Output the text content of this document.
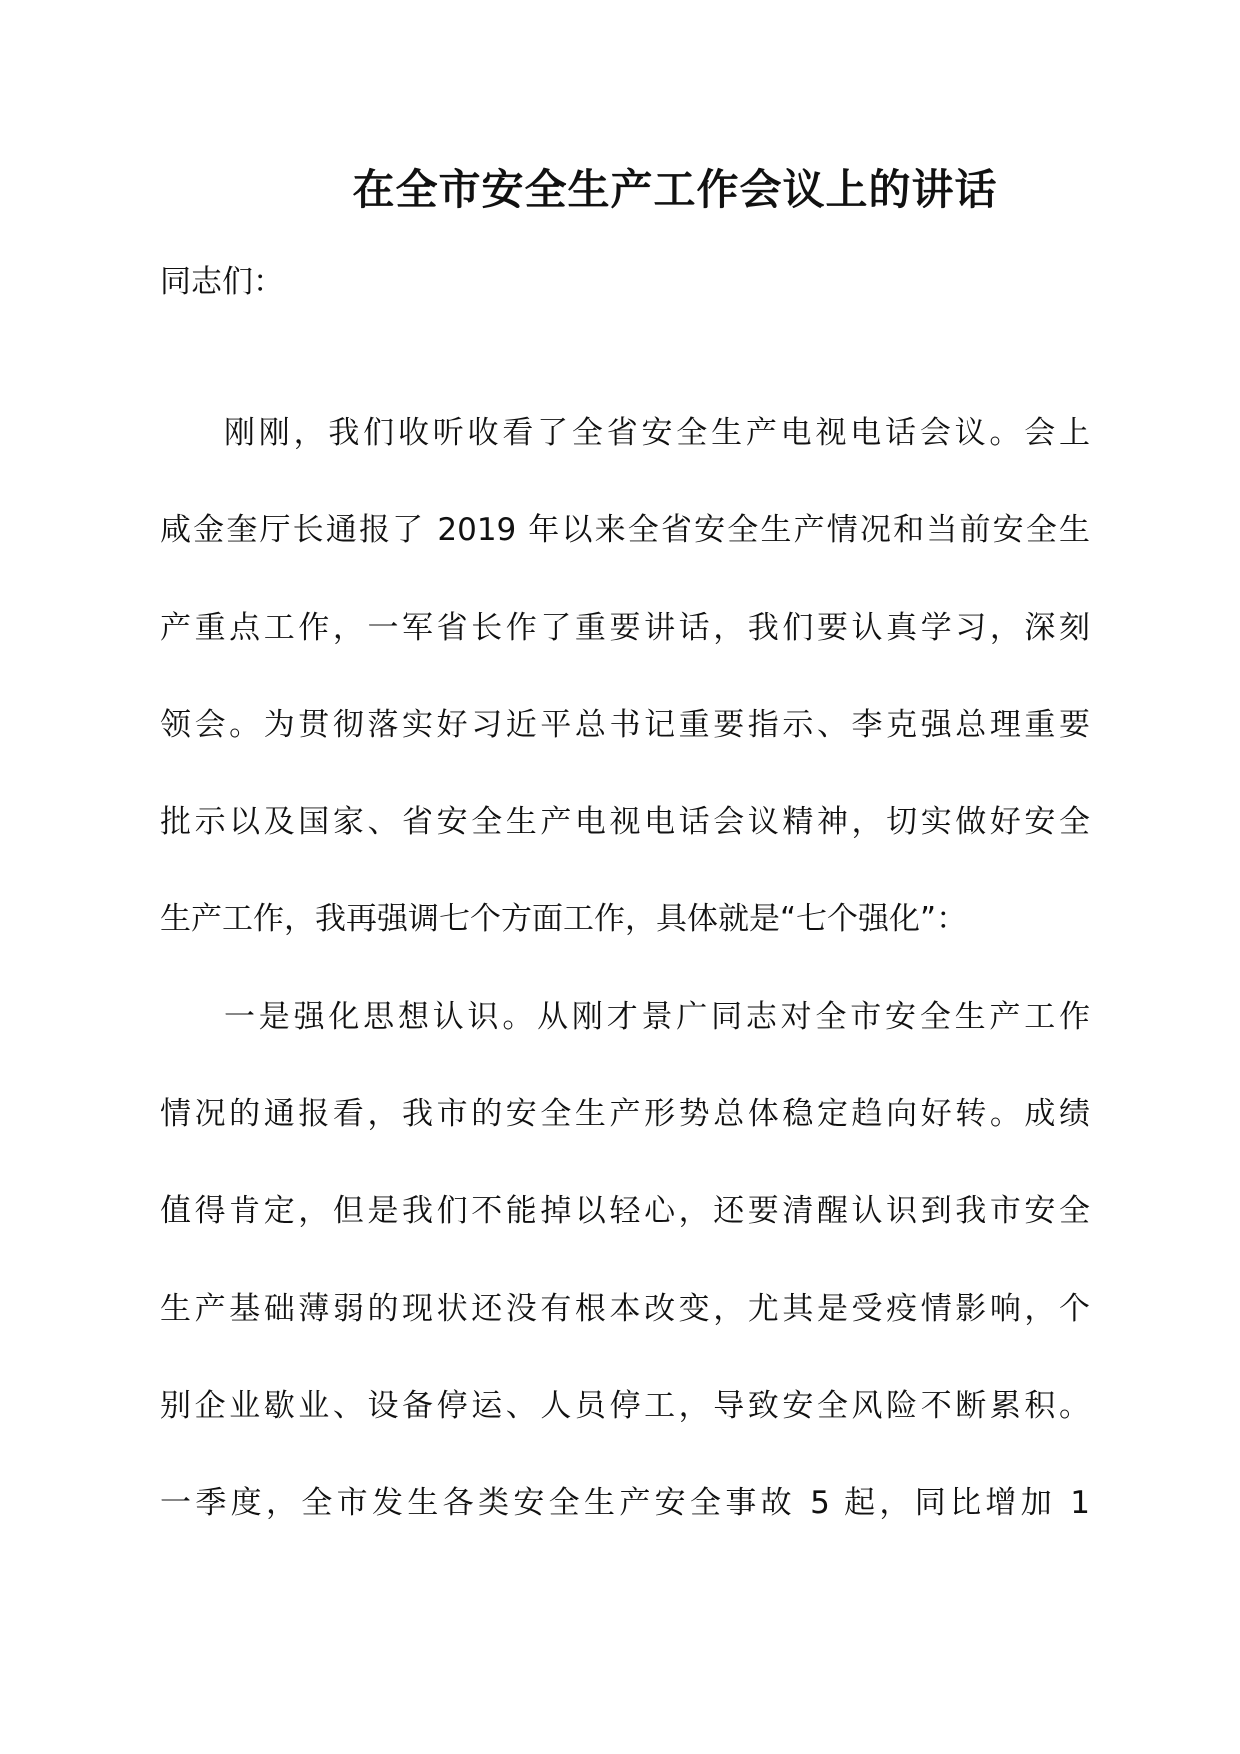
在全市安全生产工作会议上的讲话

同志们：

刚刚，我们收听收看了全省安全生产电视电话会议。会上
咸金奎厅长通报了 2019 年以来全省安全生产情况和当前安全生
产重点工作，一军省长作了重要讲话，我们要认真学习，深刻
领会。为贯彻落实好习近平总书记重要指示、李克强总理重要
批示以及国家、省安全生产电视电话会议精神，切实做好安全
生产工作，我再强调七个方面工作，具体就是“七个强化”：
一是强化思想认识。从刚才景广同志对全市安全生产工作
情况的通报看，我市的安全生产形势总体稳定趋向好转。成绩
值得肯定，但是我们不能掉以轻心，还要清醒认识到我市安全
生产基础薄弱的现状还没有根本改变，尤其是受疫情影响，个
别企业歇业、设备停运、人员停工，导致安全风险不断累积。
一季度，全市发生各类安全生产安全事故 5 起，同比增加 1
